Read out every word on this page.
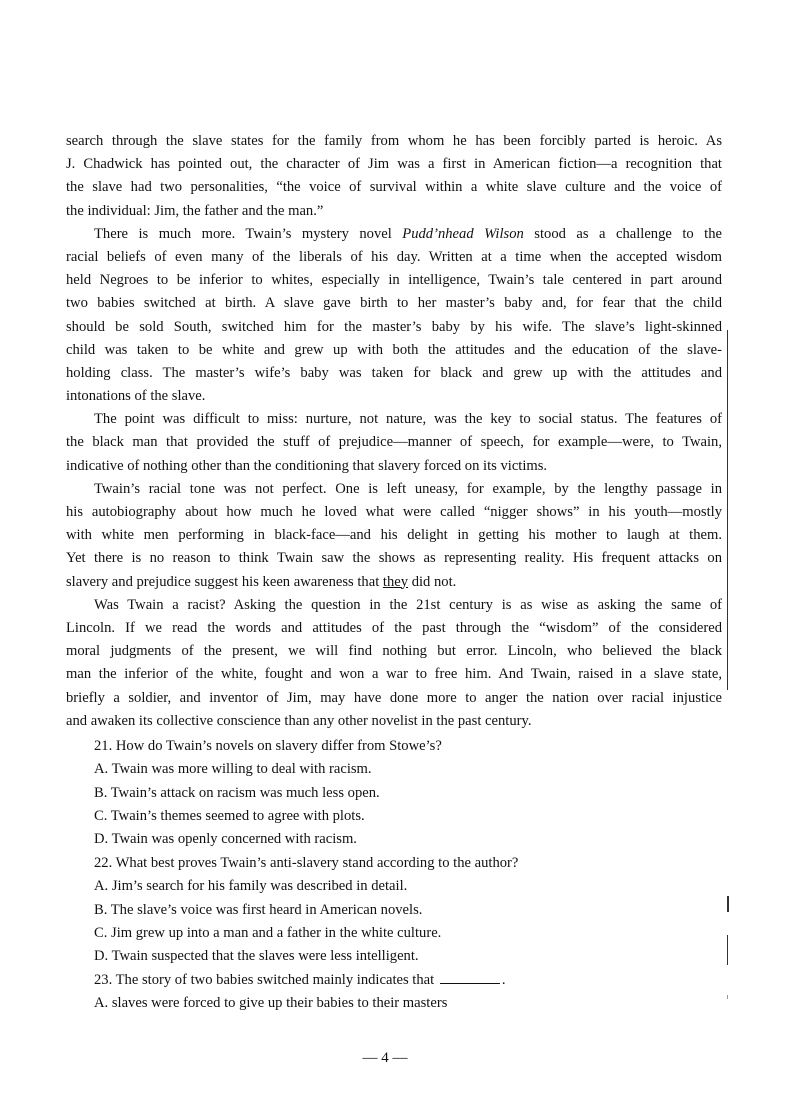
search through the slave states for the family from whom he has been forcibly parted is heroic. As
J. Chadwick has pointed out, the character of Jim was a first in American fiction—a recognition that
the slave had two personalities, “the voice of survival within a white slave culture and the voice of
the individual: Jim, the father and the man.”
There is much more. Twain’s mystery novel Pudd’nhead Wilson stood as a challenge to the
racial beliefs of even many of the liberals of his day. Written at a time when the accepted wisdom
held Negroes to be inferior to whites, especially in intelligence, Twain’s tale centered in part around
two babies switched at birth. A slave gave birth to her master’s baby and, for fear that the child
should be sold South, switched him for the master’s baby by his wife. The slave’s light-skinned
child was taken to be white and grew up with both the attitudes and the education of the slave-
holding class. The master’s wife’s baby was taken for black and grew up with the attitudes and
intonations of the slave.
The point was difficult to miss: nurture, not nature, was the key to social status. The features of
the black man that provided the stuff of prejudice—manner of speech, for example—were, to Twain,
indicative of nothing other than the conditioning that slavery forced on its victims.
Twain’s racial tone was not perfect. One is left uneasy, for example, by the lengthy passage in
his autobiography about how much he loved what were called “nigger shows” in his youth—mostly
with white men performing in black-face—and his delight in getting his mother to laugh at them.
Yet there is no reason to think Twain saw the shows as representing reality. His frequent attacks on
slavery and prejudice suggest his keen awareness that they did not.
Was Twain a racist? Asking the question in the 21st century is as wise as asking the same of
Lincoln. If we read the words and attitudes of the past through the “wisdom” of the considered
moral judgments of the present, we will find nothing but error. Lincoln, who believed the black
man the inferior of the white, fought and won a war to free him. And Twain, raised in a slave state,
briefly a soldier, and inventor of Jim, may have done more to anger the nation over racial injustice
and awaken its collective conscience than any other novelist in the past century.
21. How do Twain’s novels on slavery differ from Stowe’s?
A. Twain was more willing to deal with racism.
B. Twain’s attack on racism was much less open.
C. Twain’s themes seemed to agree with plots.
D. Twain was openly concerned with racism.
22. What best proves Twain’s anti-slavery stand according to the author?
A. Jim’s search for his family was described in detail.
B. The slave’s voice was first heard in American novels.
C. Jim grew up into a man and a father in the white culture.
D. Twain suspected that the slaves were less intelligent.
23. The story of two babies switched mainly indicates that	.
A. slaves were forced to give up their babies to their masters
— 4 —
